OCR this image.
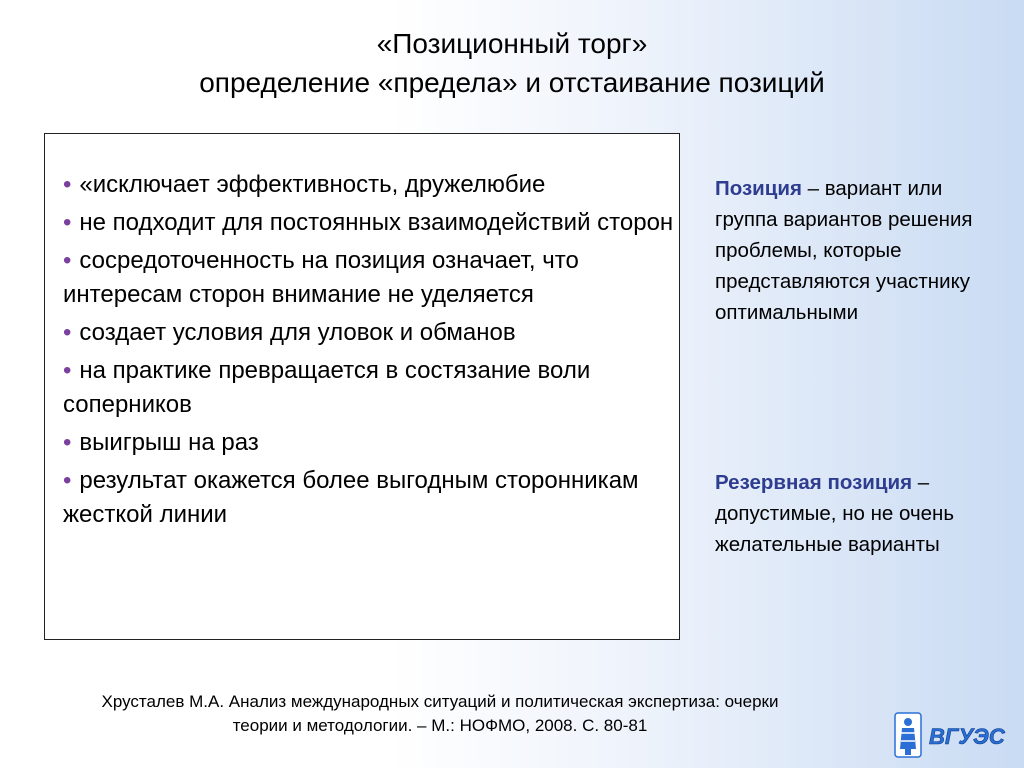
«Позиционный торг»
определение «предела» и отстаивание позиций
• «исключает эффективность, дружелюбие
• не подходит для постоянных взаимодействий сторон
• сосредоточенность на позиция означает, что интересам сторон внимание не уделяется
• создает условия для уловок и обманов
• на практике превращается в состязание воли соперников
• выигрыш на раз
• результат окажется более выгодным сторонникам жесткой линии
Позиция – вариант или группа вариантов решения проблемы, которые представляются участнику оптимальными
Резервная позиция – допустимые, но не очень желательные варианты
Хрусталев М.А. Анализ международных ситуаций и политическая экспертиза: очерки
теории и методологии. – М.: НОФМО, 2008. С. 80-81	ВГУЭС
